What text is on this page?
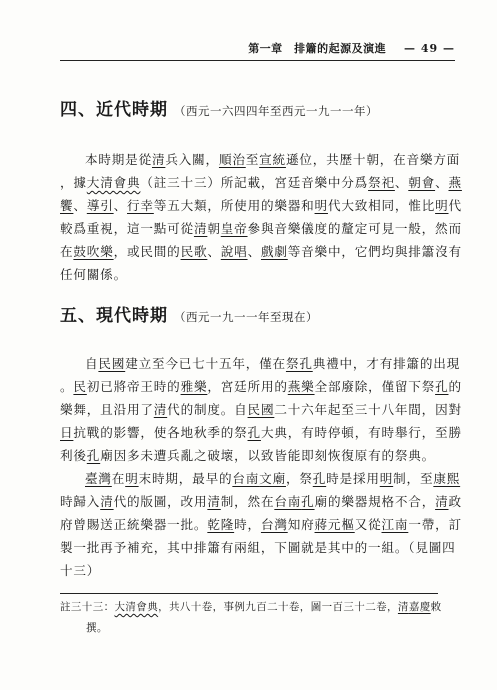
第一章　排簫的起源及演進 — 49 —
四、近代時期 （西元一六四四年至西元一九一一年）

本時期是從清兵入關，順治至宣統遜位，共歷十朝，在音樂方面
，據大清會典（註三十三）所記載，宮廷音樂中分爲祭祀、朝會、燕
饗、導引、行幸等五大類，所使用的樂器和明代大致相同，惟比明代
較爲重視，這一點可從清朝皇帝參與音樂儀度的釐定可見一般，然而
在鼓吹樂，或民間的民歌、說唱、戲劇等音樂中，它們均與排簫沒有
任何關係。

五、現代時期 （西元一九一一年至現在）

自民國建立至今已七十五年，僅在祭孔典禮中，才有排簫的出現
。民初已將帝王時的雅樂，宮廷所用的燕樂全部廢除，僅留下祭孔的
樂舞，且沿用了清代的制度。自民國二十六年起至三十八年間，因對
日抗戰的影響，使各地秋季的祭孔大典，有時停頓，有時舉行，至勝
利後孔廟因多未遭兵亂之破壞，以致皆能即刻恢復原有的祭典。
臺灣在明末時期，最早的台南文廟，祭孔時是採用明制，至康熙
時歸入清代的版圖，改用清制，然在台南孔廟的樂器規格不合，清政
府曾賜送正統樂器一批。乾隆時，台灣知府蔣元樞又從江南一帶，訂
製一批再予補充，其中排簫有兩組，下圖就是其中的一組。（見圖四
十三）

註三十三：大清會典，共八十卷，事例九百二十卷，圖一百三十二卷，清嘉慶敕
撰。
